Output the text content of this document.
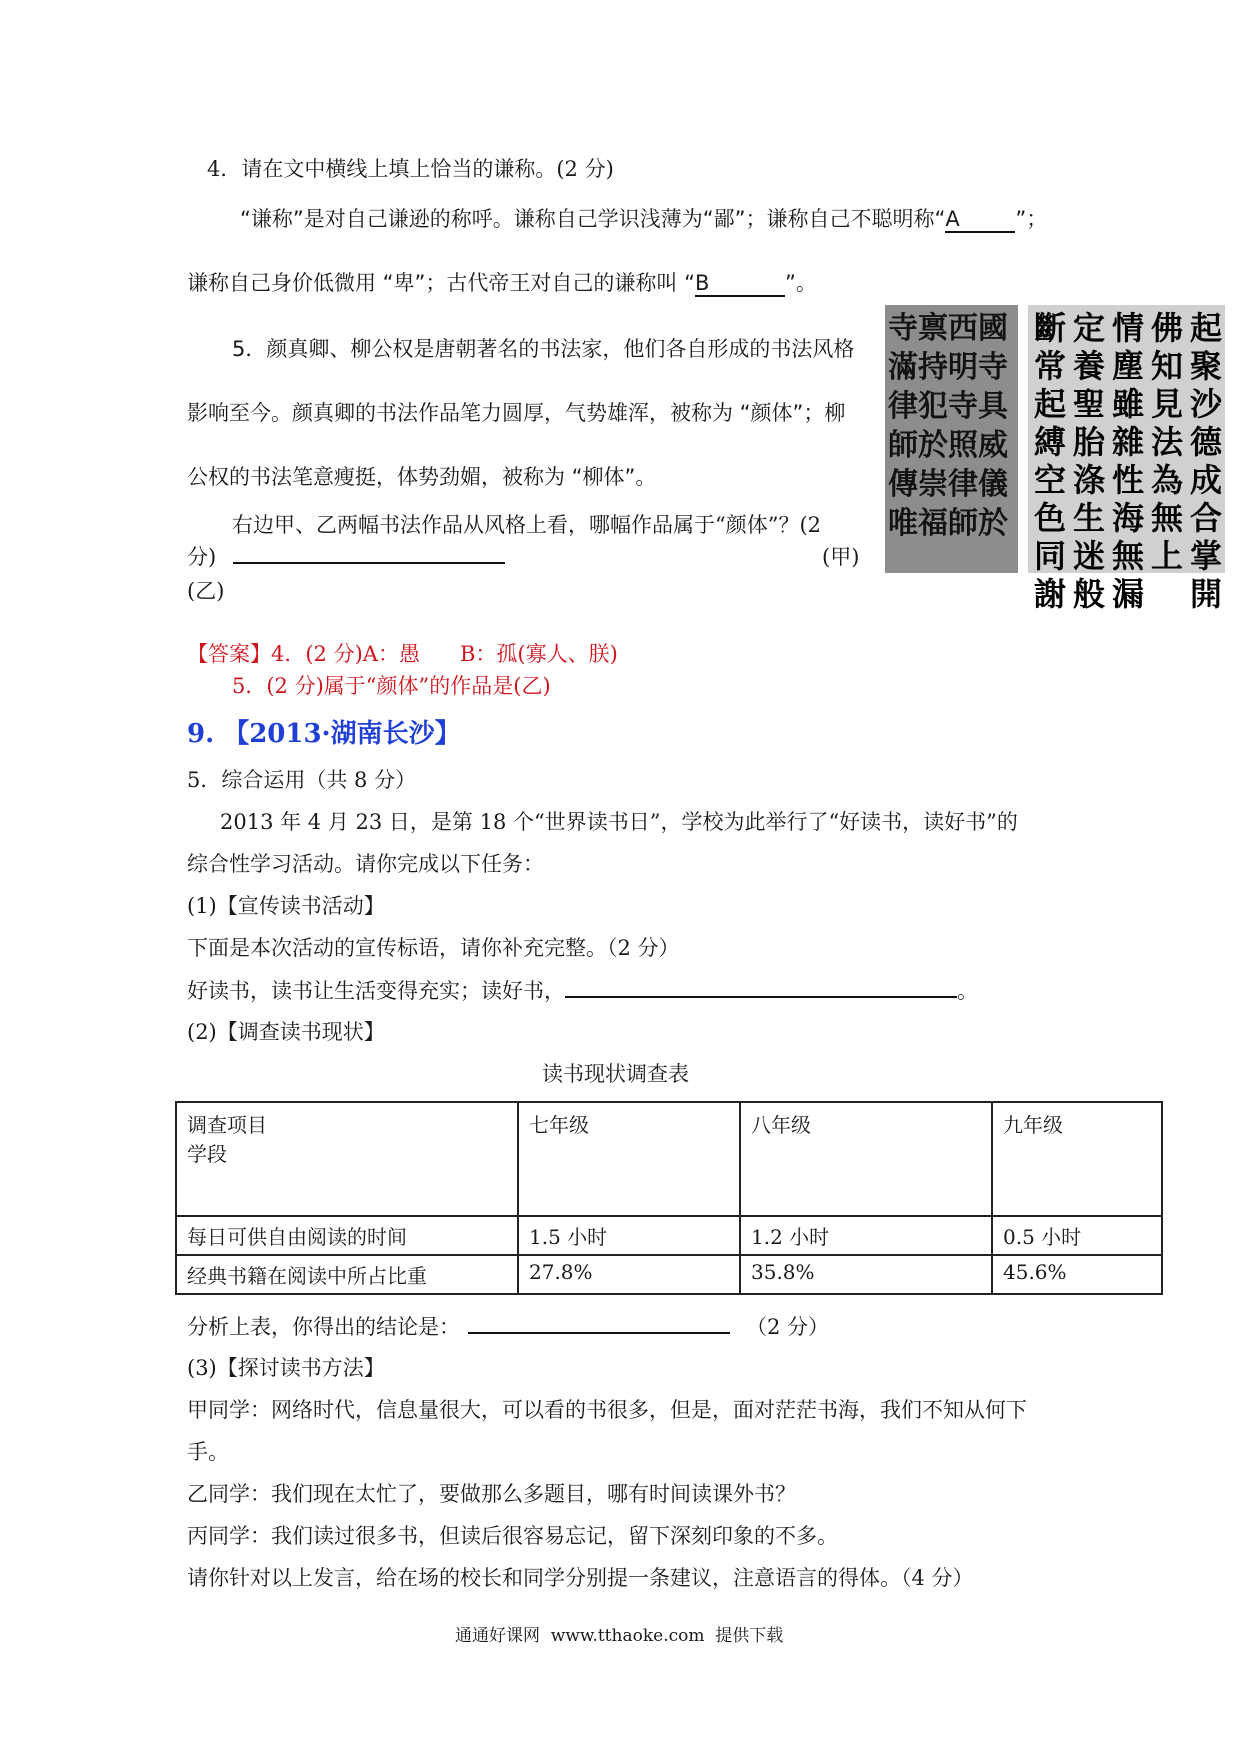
4．请在文中横线上填上恰当的谦称。(2 分)
“谦称”是对自己谦逊的称呼。谦称自己学识浅薄为“鄙”；谦称自己不聪明称“A	”；
谦称自己身价低微用 “卑”；古代帝王对自己的谦称叫 “B	”。
5．颜真卿、柳公权是唐朝著名的书法家，他们各自形成的书法风格
影响至今。颜真卿的书法作品笔力圆厚，气势雄浑，被称为 “颜体”；柳
公权的书法笔意瘦挺，体势劲媚，被称为 “柳体”。
右边甲、乙两幅书法作品从风格上看，哪幅作品属于“颜体”？(2
分)	(甲)
(乙)
國寺具威儀於
西明寺照律師
禀持犯於崇福
寺滿律師傳唯
起聚沙德成合掌開
佛知見法為無上
情塵雖雜性海無漏
定養聖胎涤生迷般
斷常起縛空色同謝
【答案】4．(2 分)A：愚      B：孤(寡人、朕)
5．(2 分)属于“颜体”的作品是(乙)
9. 【2013·湖南长沙】
5．综合运用（共 8 分）
2013 年 4 月 23 日，是第 18 个“世界读书日”，学校为此举行了“好读书，读好书”的
综合性学习活动。请你完成以下任务：
(1)【宣传读书活动】
下面是本次活动的宣传标语，请你补充完整。（2 分）
好读书，读书让生活变得充实；读好书，	。
(2)【调查读书现状】
读书现状调查表
调查项目
学段	七年级	八年级	九年级
每日可供自由阅读的时间	1.5 小时	1.2 小时	0.5 小时
经典书籍在阅读中所占比重	27.8%	35.8%	45.6%
分析上表，你得出的结论是：	（2 分）
(3)【探讨读书方法】
甲同学：网络时代，信息量很大，可以看的书很多，但是，面对茫茫书海，我们不知从何下
手。
乙同学：我们现在太忙了，要做那么多题目，哪有时间读课外书？
丙同学：我们读过很多书，但读后很容易忘记，留下深刻印象的不多。
请你针对以上发言，给在场的校长和同学分别提一条建议，注意语言的得体。（4 分）
通通好课网  www.tthaoke.com  提供下载
